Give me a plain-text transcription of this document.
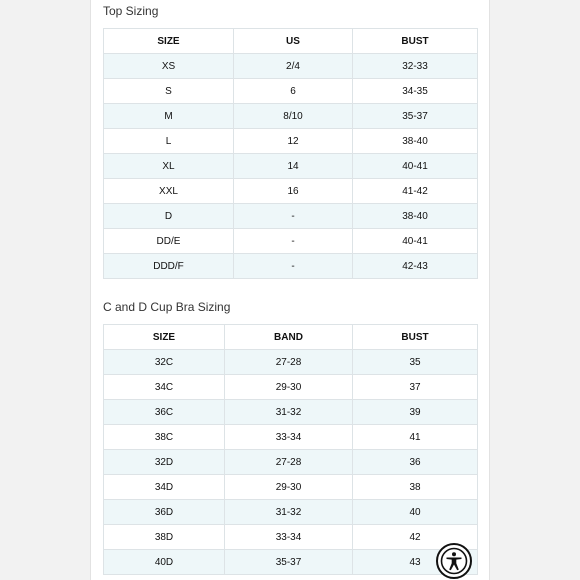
Top Sizing
SIZE	US	BUST
XS	2/4	32-33
S	6	34-35
M	8/10	35-37
L	12	38-40
XL	14	40-41
XXL	16	41-42
D	-	38-40
DD/E	-	40-41
DDD/F	-	42-43
C and D Cup Bra Sizing
SIZE	BAND	BUST
32C	27-28	35
34C	29-30	37
36C	31-32	39
38C	33-34	41
32D	27-28	36
34D	29-30	38
36D	31-32	40
38D	33-34	42
40D	35-37	43
